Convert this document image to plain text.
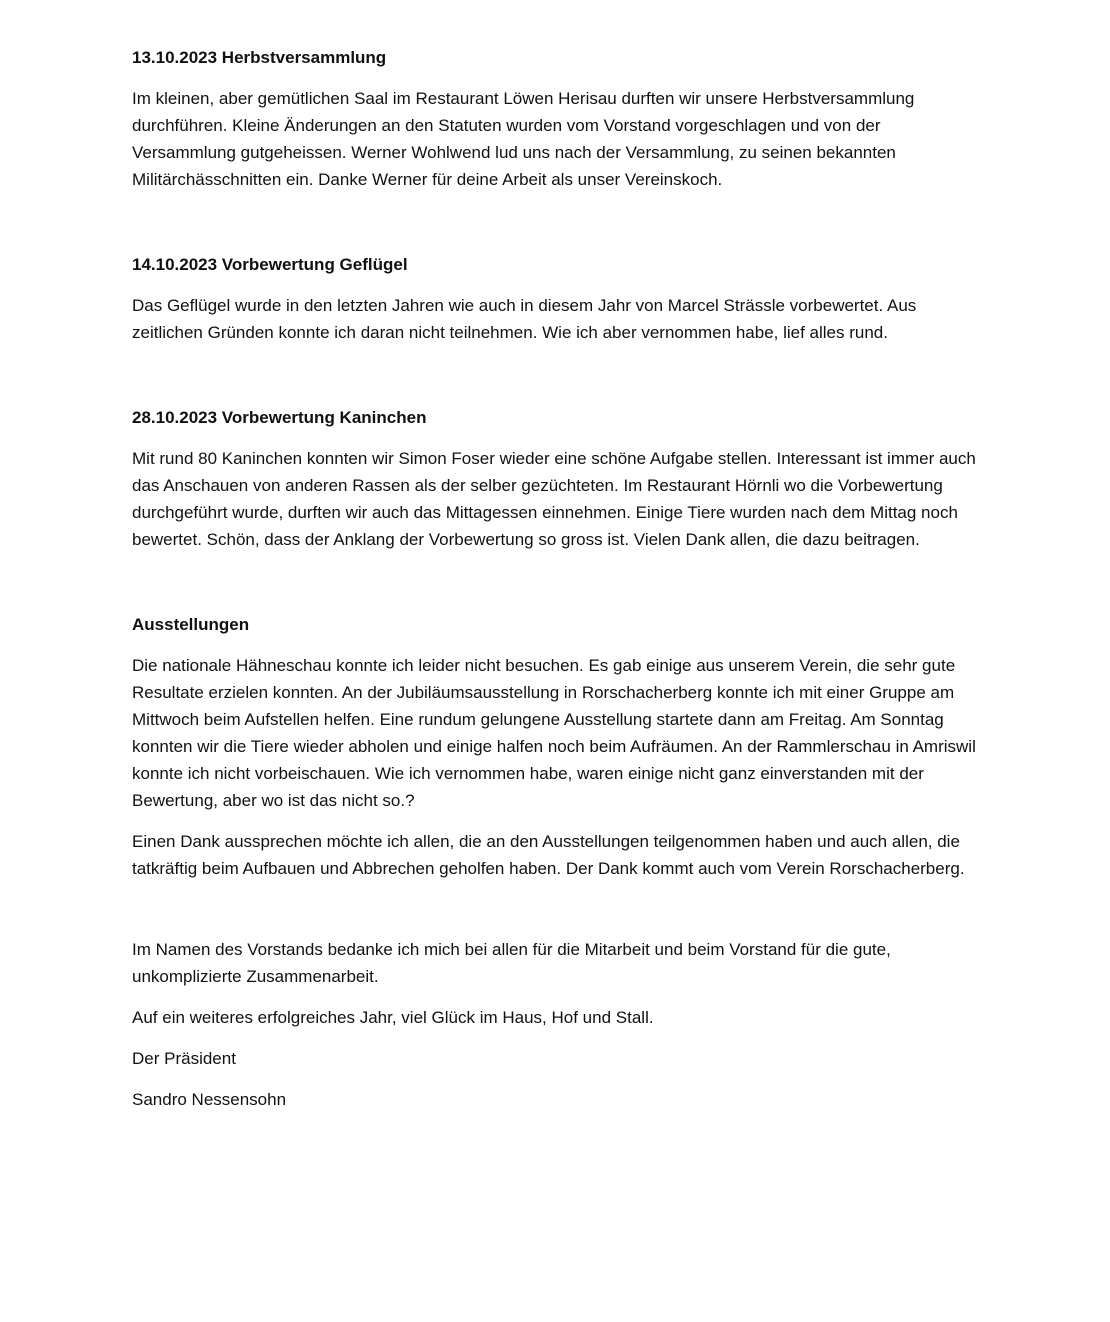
13.10.2023 Herbstversammlung
Im kleinen, aber gemütlichen Saal im Restaurant Löwen Herisau durften wir unsere Herbstversammlung durchführen. Kleine Änderungen an den Statuten wurden vom Vorstand vorgeschlagen und von der Versammlung gutgeheissen. Werner Wohlwend lud uns nach der Versammlung, zu seinen bekannten Militärchässchnitten ein. Danke Werner für deine Arbeit als unser Vereinskoch.
14.10.2023 Vorbewertung Geflügel
Das Geflügel wurde in den letzten Jahren wie auch in diesem Jahr von Marcel Strässle vorbewertet. Aus zeitlichen Gründen konnte ich daran nicht teilnehmen. Wie ich aber vernommen habe, lief alles rund.
28.10.2023 Vorbewertung Kaninchen
Mit rund 80 Kaninchen konnten wir Simon Foser wieder eine schöne Aufgabe stellen. Interessant ist immer auch das Anschauen von anderen Rassen als der selber gezüchteten. Im Restaurant Hörnli wo die Vorbewertung durchgeführt wurde, durften wir auch das Mittagessen einnehmen. Einige Tiere wurden nach dem Mittag noch bewertet. Schön, dass der Anklang der Vorbewertung so gross ist. Vielen Dank allen, die dazu beitragen.
Ausstellungen
Die nationale Hähneschau konnte ich leider nicht besuchen. Es gab einige aus unserem Verein, die sehr gute Resultate erzielen konnten. An der Jubiläumsausstellung in Rorschacherberg konnte ich mit einer Gruppe am Mittwoch beim Aufstellen helfen. Eine rundum gelungene Ausstellung startete dann am Freitag. Am Sonntag konnten wir die Tiere wieder abholen und einige halfen noch beim Aufräumen. An der Rammlerschau in Amriswil konnte ich nicht vorbeischauen. Wie ich vernommen habe, waren einige nicht ganz einverstanden mit der Bewertung, aber wo ist das nicht so.?
Einen Dank aussprechen möchte ich allen, die an den Ausstellungen teilgenommen haben und auch allen, die tatkräftig beim Aufbauen und Abbrechen geholfen haben. Der Dank kommt auch vom Verein Rorschacherberg.
Im Namen des Vorstands bedanke ich mich bei allen für die Mitarbeit und beim Vorstand für die gute, unkomplizierte Zusammenarbeit.
Auf ein weiteres erfolgreiches Jahr, viel Glück im Haus, Hof und Stall.
Der Präsident
Sandro Nessensohn
